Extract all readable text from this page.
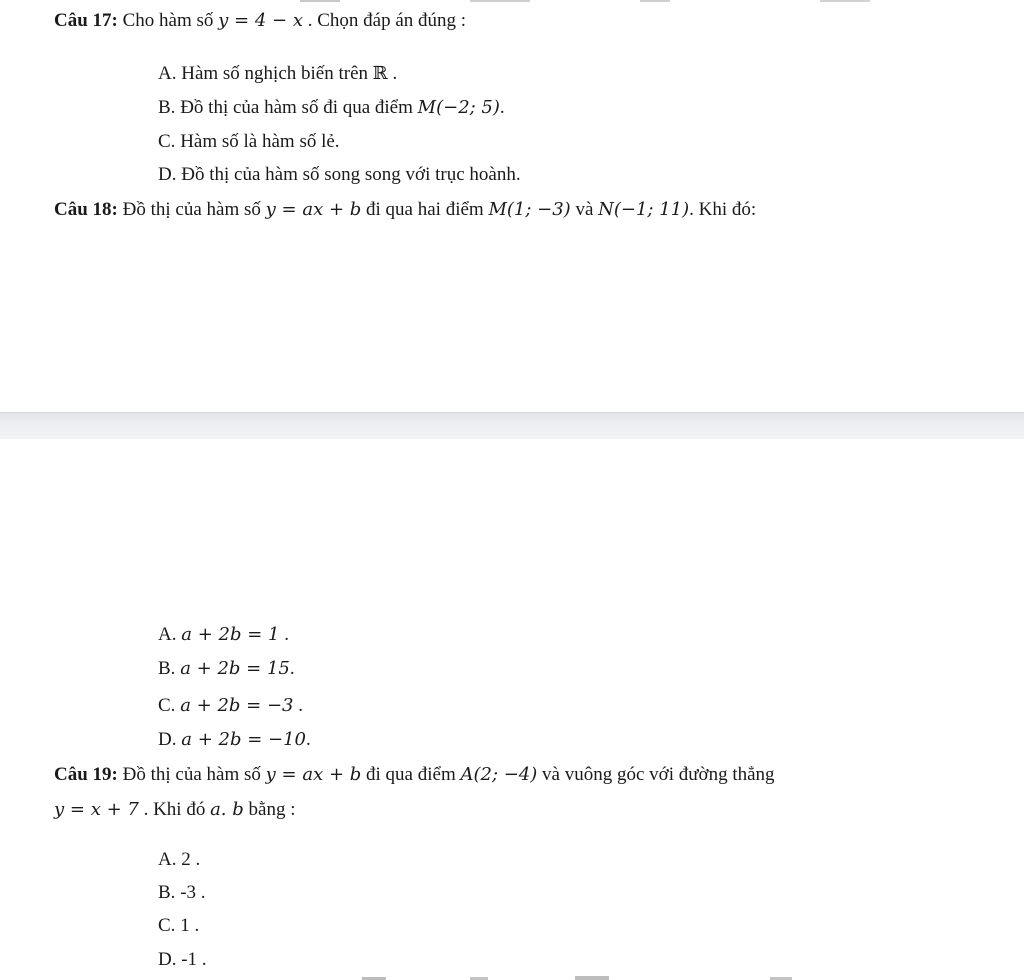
Câu 17: Cho hàm số y = 4 − x . Chọn đáp án đúng :
A. Hàm số nghịch biến trên ℝ .
B. Đồ thị của hàm số đi qua điểm M(−2; 5).
C. Hàm số là hàm số lẻ.
D. Đồ thị của hàm số song song với trục hoành.
Câu 18: Đồ thị của hàm số y = ax + b đi qua hai điểm M(1; −3) và N(−1; 11). Khi đó:
A. a + 2b = 1 .
B. a + 2b = 15.
C. a + 2b = −3 .
D. a + 2b = −10.
Câu 19: Đồ thị của hàm số y = ax + b đi qua điểm A(2; −4) và vuông góc với đường thẳng
y = x + 7 . Khi đó a. b bằng :
A. 2 .
B. -3 .
C. 1 .
D. -1 .
